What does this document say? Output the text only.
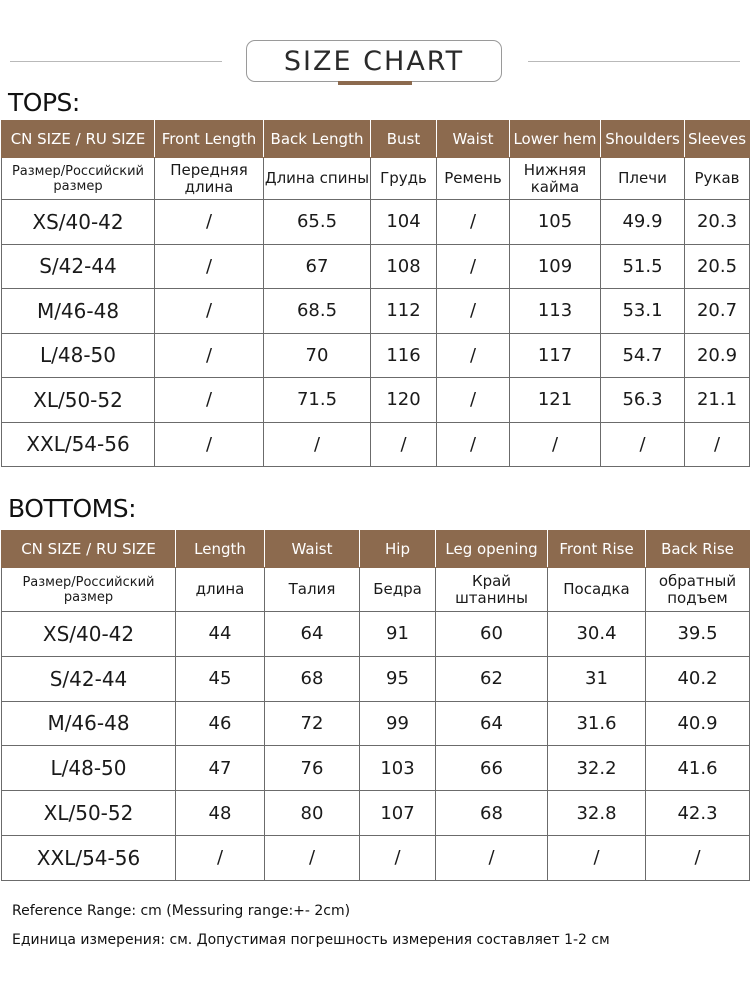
SIZE CHART
TOPS:
CN SIZE / RU SIZE	Front Length	Back Length	Bust	Waist	Lower hem	Shoulders	Sleeves
Размер/Российский размер	Передняя длина	Длина спины	Грудь	Ремень	Нижняя кайма	Плечи	Рукав
XS/40-42	/	65.5	104	/	105	49.9	20.3
S/42-44	/	67	108	/	109	51.5	20.5
M/46-48	/	68.5	112	/	113	53.1	20.7
L/48-50	/	70	116	/	117	54.7	20.9
XL/50-52	/	71.5	120	/	121	56.3	21.1
XXL/54-56	/	/	/	/	/	/	/
BOTTOMS:
CN SIZE / RU SIZE	Length	Waist	Hip	Leg opening	Front Rise	Back Rise
Размер/Российский размер	длина	Талия	Бедра	Край штанины	Посадка	обратный подъем
XS/40-42	44	64	91	60	30.4	39.5
S/42-44	45	68	95	62	31	40.2
M/46-48	46	72	99	64	31.6	40.9
L/48-50	47	76	103	66	32.2	41.6
XL/50-52	48	80	107	68	32.8	42.3
XXL/54-56	/	/	/	/	/	/
Reference Range: cm (Messuring range:+- 2cm)
Единица измерения: см. Допустимая погрешность измерения составляет 1-2 см
